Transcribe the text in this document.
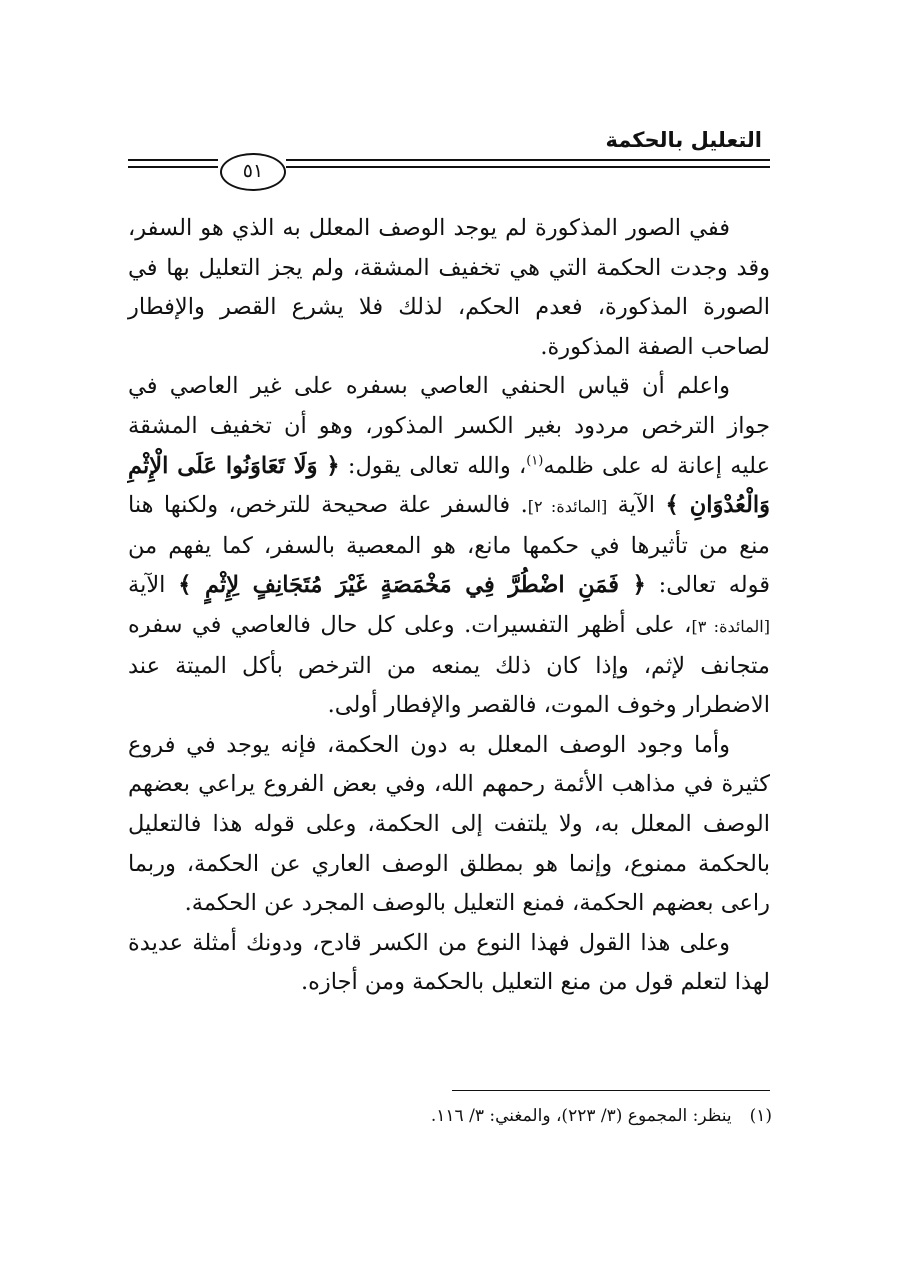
التعليل بالحكمة
٥١

ففي الصور المذكورة لم يوجد الوصف المعلل به الذي هو السفر، وقد وجدت الحكمة التي هي تخفيف المشقة، ولم يجز التعليل بها في الصورة المذكورة، فعدم الحكم، لذلك فلا يشرع القصر والإفطار لصاحب الصفة المذكورة.

واعلم أن قياس الحنفي العاصي بسفره على غير العاصي في جواز الترخص مردود بغير الكسر المذكور، وهو أن تخفيف المشقة عليه إعانة له على ظلمه$^{(١)}$، والله تعالى يقول: ﴿ وَلَا تَعَاوَنُوا عَلَى الْإِثْمِ وَالْعُدْوَانِ ﴾ الآية [المائدة: ٢]. فالسفر علة صحيحة للترخص، ولكنها هنا منع من تأثيرها في حكمها مانع، هو المعصية بالسفر، كما يفهم من قوله تعالى: ﴿ فَمَنِ اضْطُرَّ فِي مَخْمَصَةٍ غَيْرَ مُتَجَانِفٍ لِإِثْمٍ ﴾ الآية [المائدة: ٣]، على أظهر التفسيرات. وعلى كل حال فالعاصي في سفره متجانف لإثم، وإذا كان ذلك يمنعه من الترخص بأكل الميتة عند الاضطرار وخوف الموت، فالقصر والإفطار أولى.

وأما وجود الوصف المعلل به دون الحكمة، فإنه يوجد في فروع كثيرة في مذاهب الأئمة رحمهم الله، وفي بعض الفروع يراعي بعضهم الوصف المعلل به، ولا يلتفت إلى الحكمة، وعلى قوله هذا فالتعليل بالحكمة ممنوع، وإنما هو بمطلق الوصف العاري عن الحكمة، وربما راعى بعضهم الحكمة، فمنع التعليل بالوصف المجرد عن الحكمة.

وعلى هذا القول فهذا النوع من الكسر قادح، ودونك أمثلة عديدة لهذا لتعلم قول من منع التعليل بالحكمة ومن أجازه.

(١)ينظر: المجموع (٣/ ٢٢٣)، والمغني: ٣/ ١١٦.
